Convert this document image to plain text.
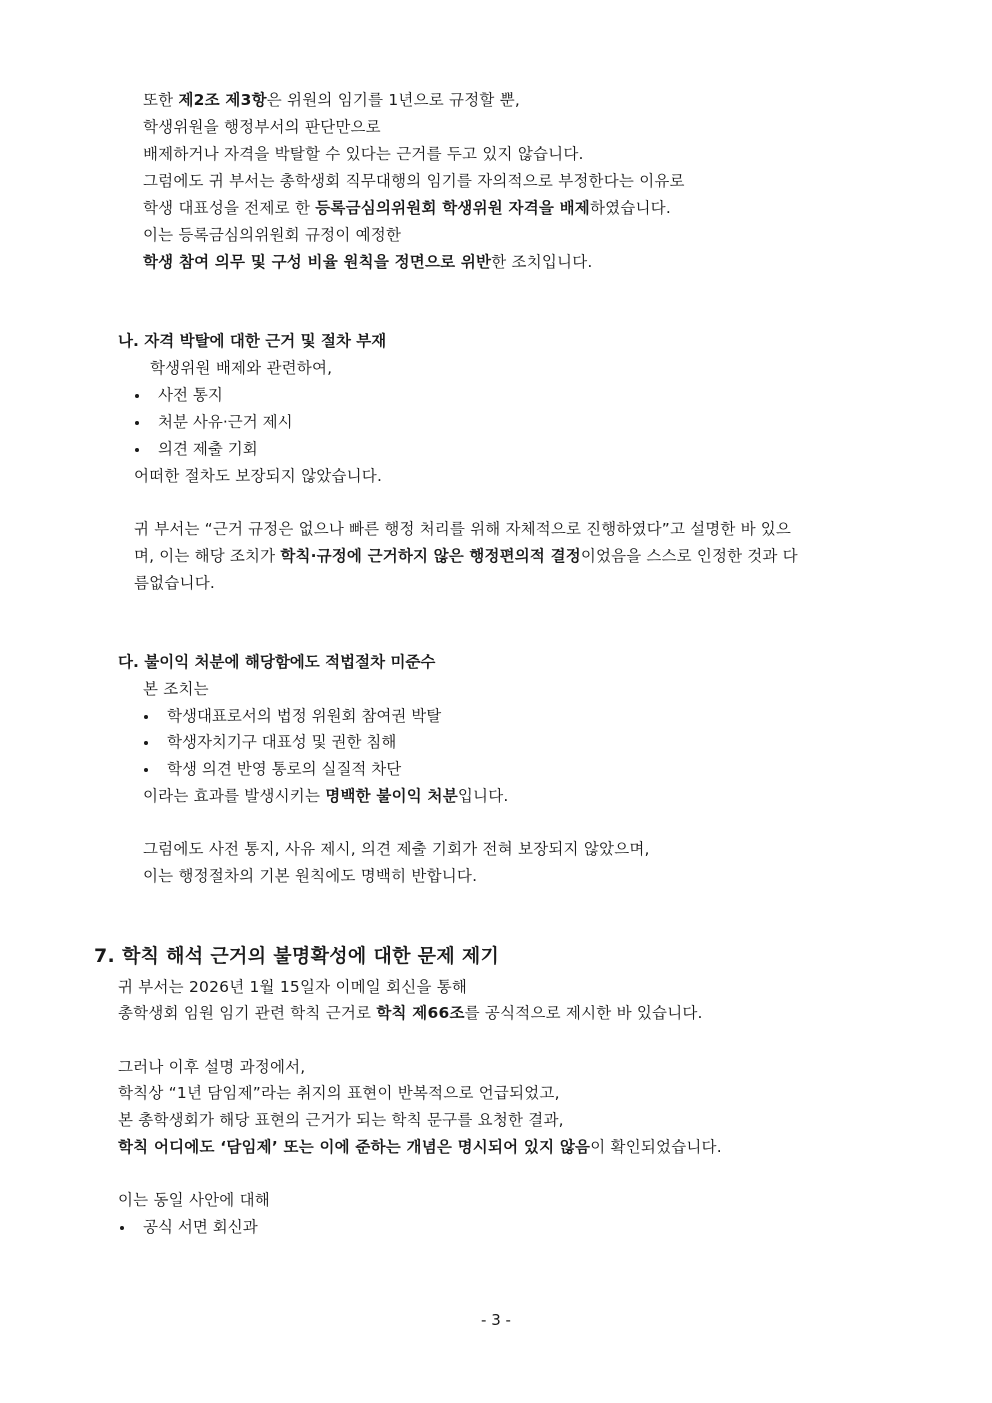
또한 제2조 제3항은 위원의 임기를 1년으로 규정할 뿐,
학생위원을 행정부서의 판단만으로
배제하거나 자격을 박탈할 수 있다는 근거를 두고 있지 않습니다.
그럼에도 귀 부서는 총학생회 직무대행의 임기를 자의적으로 부정한다는 이유로
학생 대표성을 전제로 한 등록금심의위원회 학생위원 자격을 배제하였습니다.
이는 등록금심의위원회 규정이 예정한
학생 참여 의무 및 구성 비율 원칙을 정면으로 위반한 조치입니다.
나. 자격 박탈에 대한 근거 및 절차 부재
학생위원 배제와 관련하여,
사전 통지
처분 사유·근거 제시
의견 제출 기회
어떠한 절차도 보장되지 않았습니다.
귀 부서는 “근거 규정은 없으나 빠른 행정 처리를 위해 자체적으로 진행하였다”고 설명한 바 있으
며, 이는 해당 조치가 학칙·규정에 근거하지 않은 행정편의적 결정이었음을 스스로 인정한 것과 다
름없습니다.
다. 불이익 처분에 해당함에도 적법절차 미준수
본 조치는
학생대표로서의 법정 위원회 참여권 박탈
학생자치기구 대표성 및 권한 침해
학생 의견 반영 통로의 실질적 차단
이라는 효과를 발생시키는 명백한 불이익 처분입니다.
그럼에도 사전 통지, 사유 제시, 의견 제출 기회가 전혀 보장되지 않았으며,
이는 행정절차의 기본 원칙에도 명백히 반합니다.
7. 학칙 해석 근거의 불명확성에 대한 문제 제기
귀 부서는 2026년 1월 15일자 이메일 회신을 통해
총학생회 임원 임기 관련 학칙 근거로 학칙 제66조를 공식적으로 제시한 바 있습니다.
그러나 이후 설명 과정에서,
학칙상 “1년 담임제”라는 취지의 표현이 반복적으로 언급되었고,
본 총학생회가 해당 표현의 근거가 되는 학칙 문구를 요청한 결과,
학칙 어디에도 ‘담임제’ 또는 이에 준하는 개념은 명시되어 있지 않음이 확인되었습니다.
이는 동일 사안에 대해
공식 서면 회신과
- 3 -
